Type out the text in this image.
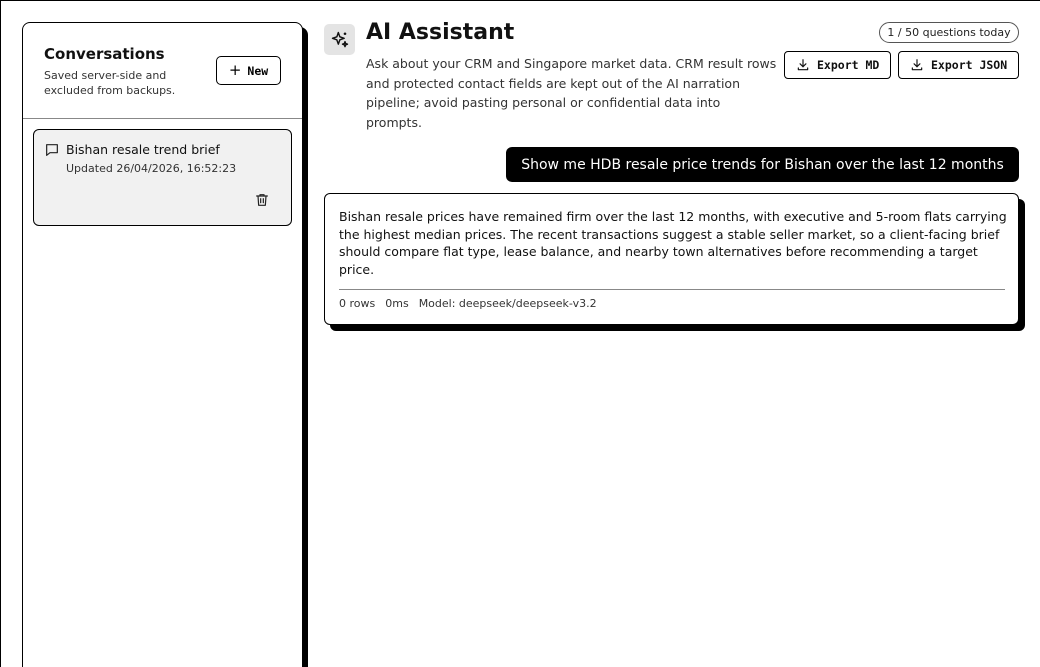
Conversations
Saved server-side and excluded from backups.
+ New
Bishan resale trend brief
Updated 26/04/2026, 16:52:23
AI Assistant

Ask about your CRM and Singapore market data. CRM result rows and protected contact fields are kept out of the AI narration pipeline; avoid pasting personal or confidential data into prompts.

1 / 50 questions today
Export MD	Export JSON
Show me HDB resale price trends for Bishan over the last 12 months

Bishan resale prices have remained firm over the last 12 months, with executive and 5-room flats carrying the highest median prices. The recent transactions suggest a stable seller market, so a client-facing brief should compare flat type, lease balance, and nearby town alternatives before recommending a target price.

0 rows 0ms Model: deepseek/deepseek-v3.2
